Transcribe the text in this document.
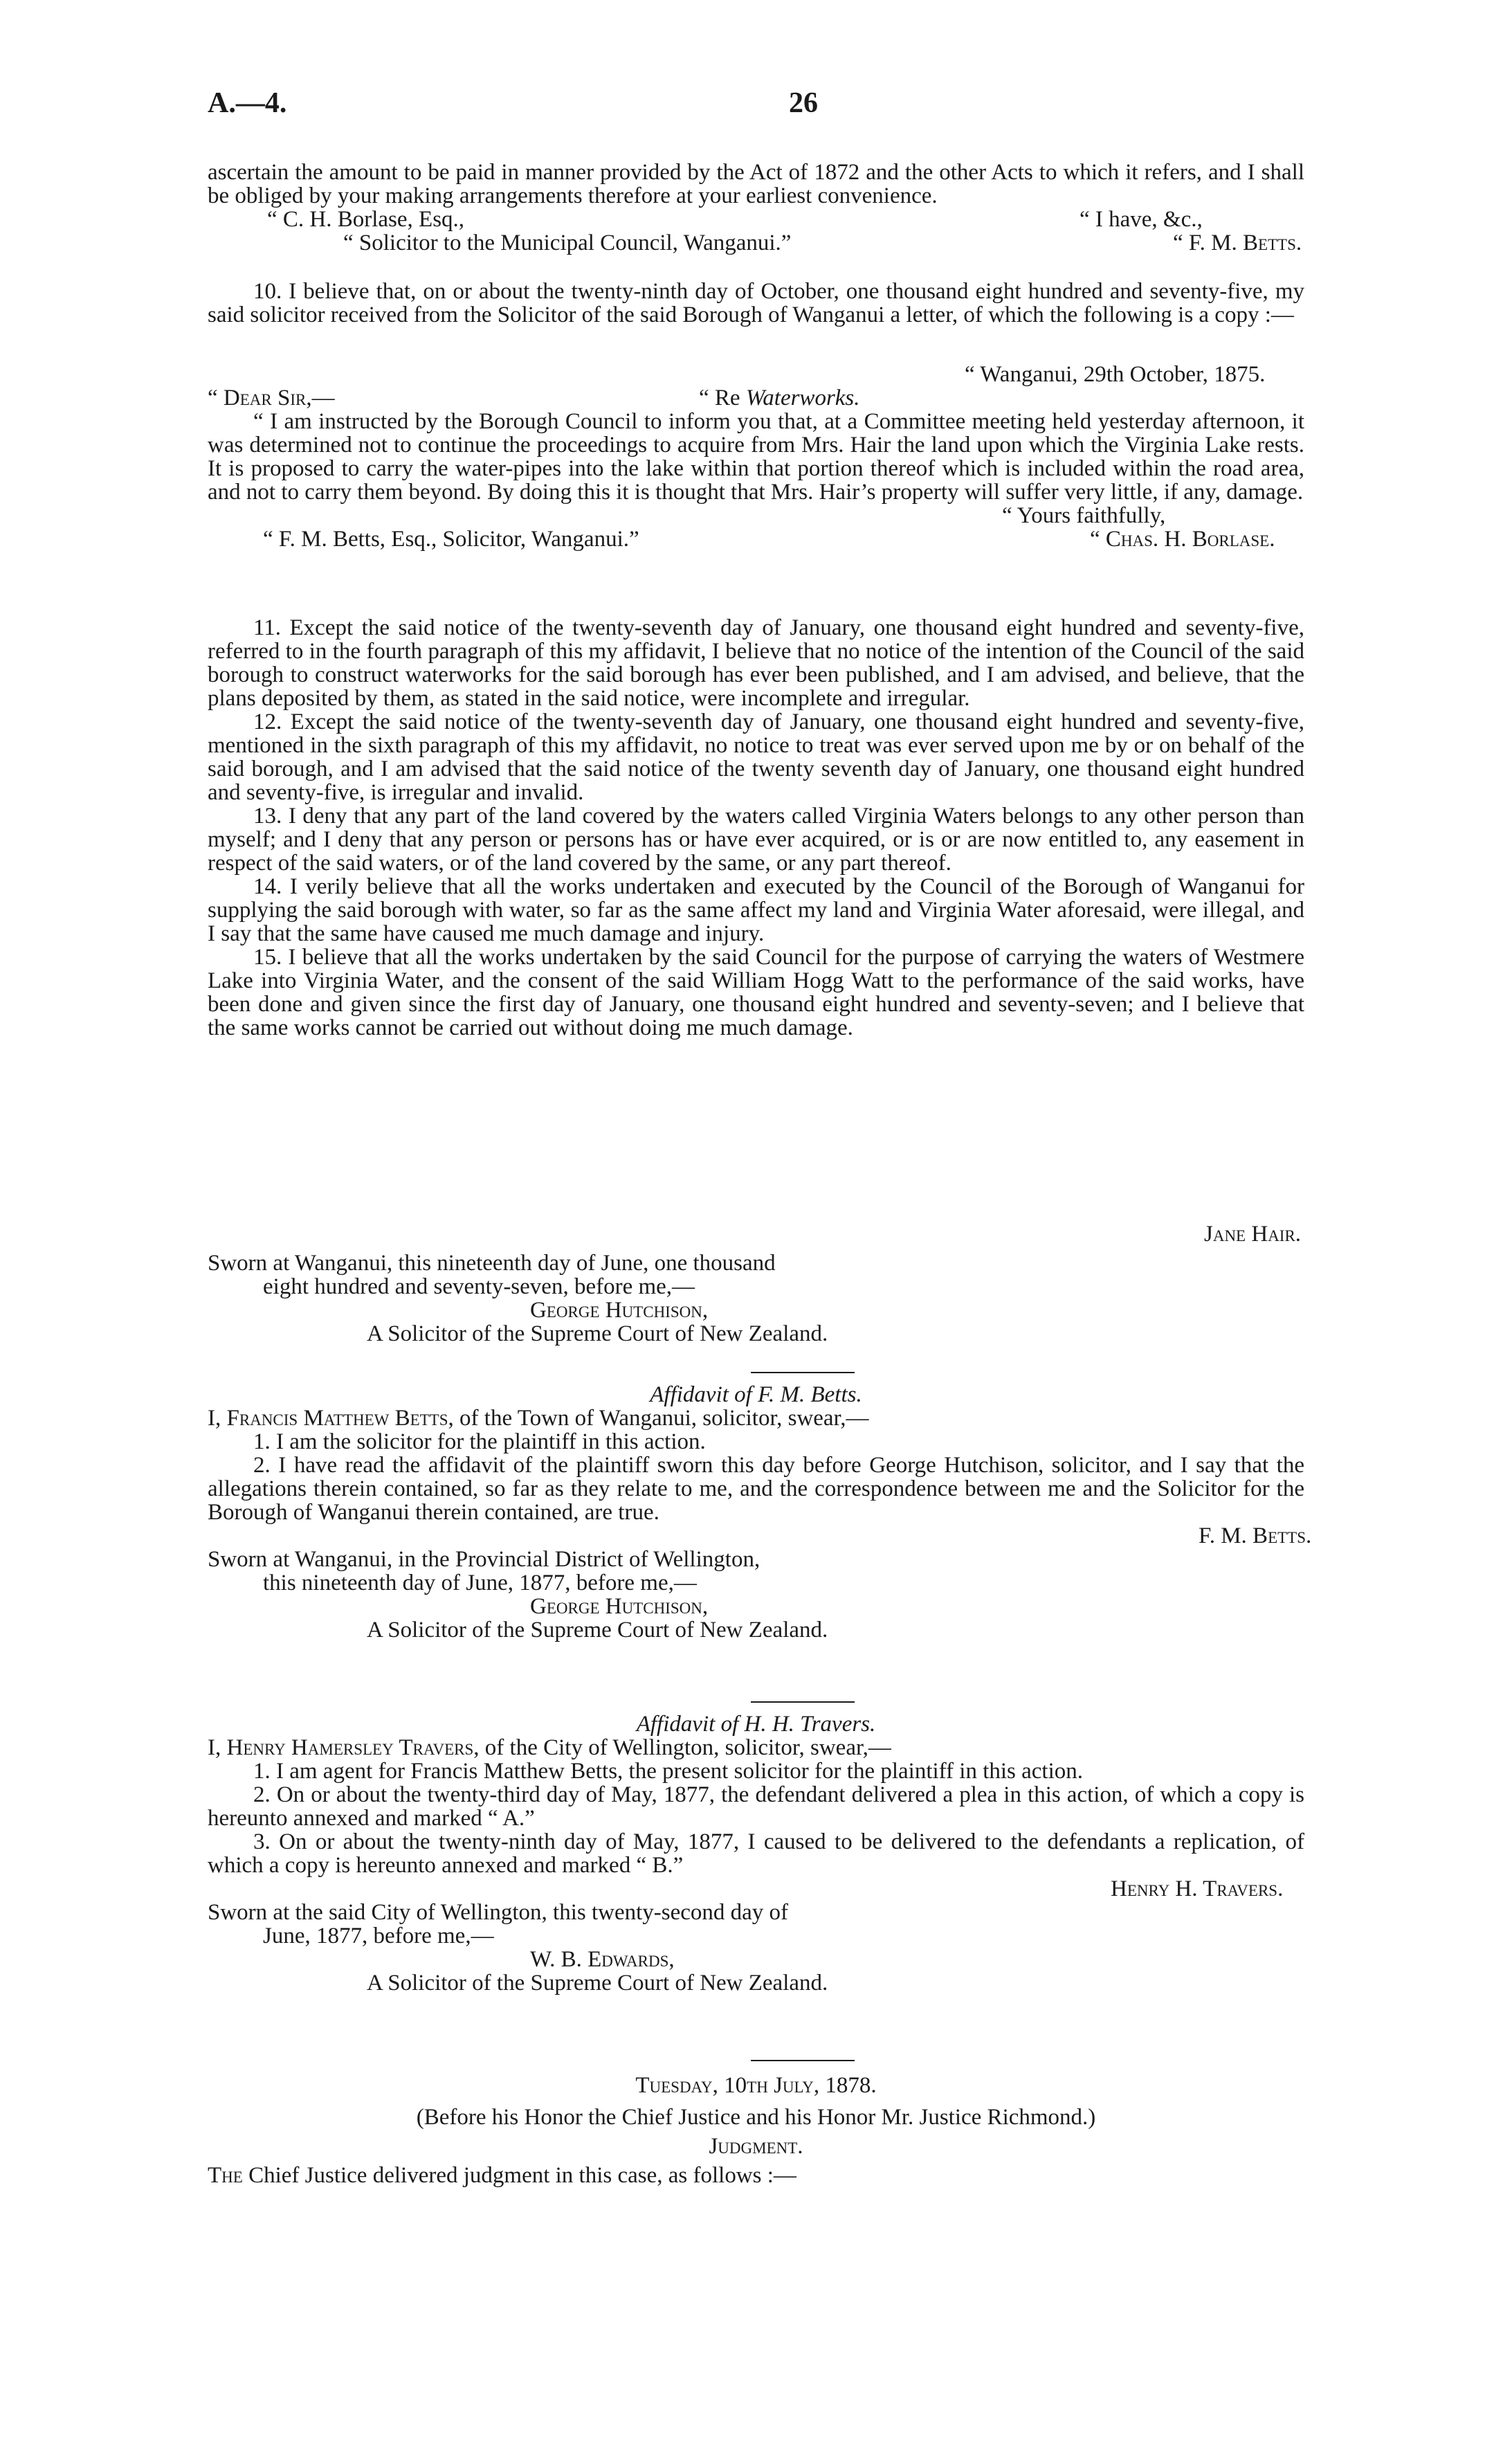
A.—4.	26

ascertain the amount to be paid in manner provided by the Act of 1872 and the other Acts to which it refers, and I shall be obliged by your making arrangements therefore at your earliest convenience.

“ C. H. Borlase, Esq.,	“ I have, &c.,
“ Solicitor to the Municipal Council, Wanganui.”	“ F. M. Betts.

10. I believe that, on or about the twenty-ninth day of October, one thousand eight hundred and seventy-five, my said solicitor received from the Solicitor of the said Borough of Wanganui a letter, of which the following is a copy :—

“ Wanganui, 29th October, 1875.
“ Dear Sir,—	“ Re Waterworks.

“ I am instructed by the Borough Council to inform you that, at a Committee meeting held yesterday afternoon, it was determined not to continue the proceedings to acquire from Mrs. Hair the land upon which the Virginia Lake rests. It is proposed to carry the water-pipes into the lake within that portion thereof which is included within the road area, and not to carry them beyond. By doing this it is thought that Mrs. Hair’s property will suffer very little, if any, damage.

“ Yours faithfully,
“ F. M. Betts, Esq., Solicitor, Wanganui.”	“ Chas. H. Borlase.

11. Except the said notice of the twenty-seventh day of January, one thousand eight hundred and seventy-five, referred to in the fourth paragraph of this my affidavit, I believe that no notice of the intention of the Council of the said borough to construct waterworks for the said borough has ever been published, and I am advised, and believe, that the plans deposited by them, as stated in the said notice, were incomplete and irregular.

12. Except the said notice of the twenty-seventh day of January, one thousand eight hundred and seventy-five, mentioned in the sixth paragraph of this my affidavit, no notice to treat was ever served upon me by or on behalf of the said borough, and I am advised that the said notice of the twenty seventh day of January, one thousand eight hundred and seventy-five, is irregular and invalid.

13. I deny that any part of the land covered by the waters called Virginia Waters belongs to any other person than myself; and I deny that any person or persons has or have ever acquired, or is or are now entitled to, any easement in respect of the said waters, or of the land covered by the same, or any part thereof.

14. I verily believe that all the works undertaken and executed by the Council of the Borough of Wanganui for supplying the said borough with water, so far as the same affect my land and Virginia Water aforesaid, were illegal, and I say that the same have caused me much damage and injury.

15. I believe that all the works undertaken by the said Council for the purpose of carrying the waters of Westmere Lake into Virginia Water, and the consent of the said William Hogg Watt to the performance of the said works, have been done and given since the first day of January, one thousand eight hundred and seventy-seven; and I believe that the same works cannot be carried out without doing me much damage.

Jane Hair.
Sworn at Wanganui, this nineteenth day of June, one thousand
eight hundred and seventy-seven, before me,—
George Hutchison,
A Solicitor of the Supreme Court of New Zealand.
Affidavit of F. M. Betts.

I, Francis Matthew Betts, of the Town of Wanganui, solicitor, swear,—

1. I am the solicitor for the plaintiff in this action.

2. I have read the affidavit of the plaintiff sworn this day before George Hutchison, solicitor, and I say that the allegations therein contained, so far as they relate to me, and the correspondence between me and the Solicitor for the Borough of Wanganui therein contained, are true.

F. M. Betts.
Sworn at Wanganui, in the Provincial District of Wellington,
this nineteenth day of June, 1877, before me,—
George Hutchison,
A Solicitor of the Supreme Court of New Zealand.
Affidavit of H. H. Travers.

I, Henry Hamersley Travers, of the City of Wellington, solicitor, swear,—

1. I am agent for Francis Matthew Betts, the present solicitor for the plaintiff in this action.

2. On or about the twenty-third day of May, 1877, the defendant delivered a plea in this action, of which a copy is hereunto annexed and marked “ A.”

3. On or about the twenty-ninth day of May, 1877, I caused to be delivered to the defendants a replication, of which a copy is hereunto annexed and marked “ B.”

Henry H. Travers.
Sworn at the said City of Wellington, this twenty-second day of
June, 1877, before me,—
W. B. Edwards,
A Solicitor of the Supreme Court of New Zealand.
Tuesday, 10th July, 1878.
(Before his Honor the Chief Justice and his Honor Mr. Justice Richmond.)
Judgment.

The Chief Justice delivered judgment in this case, as follows :—
